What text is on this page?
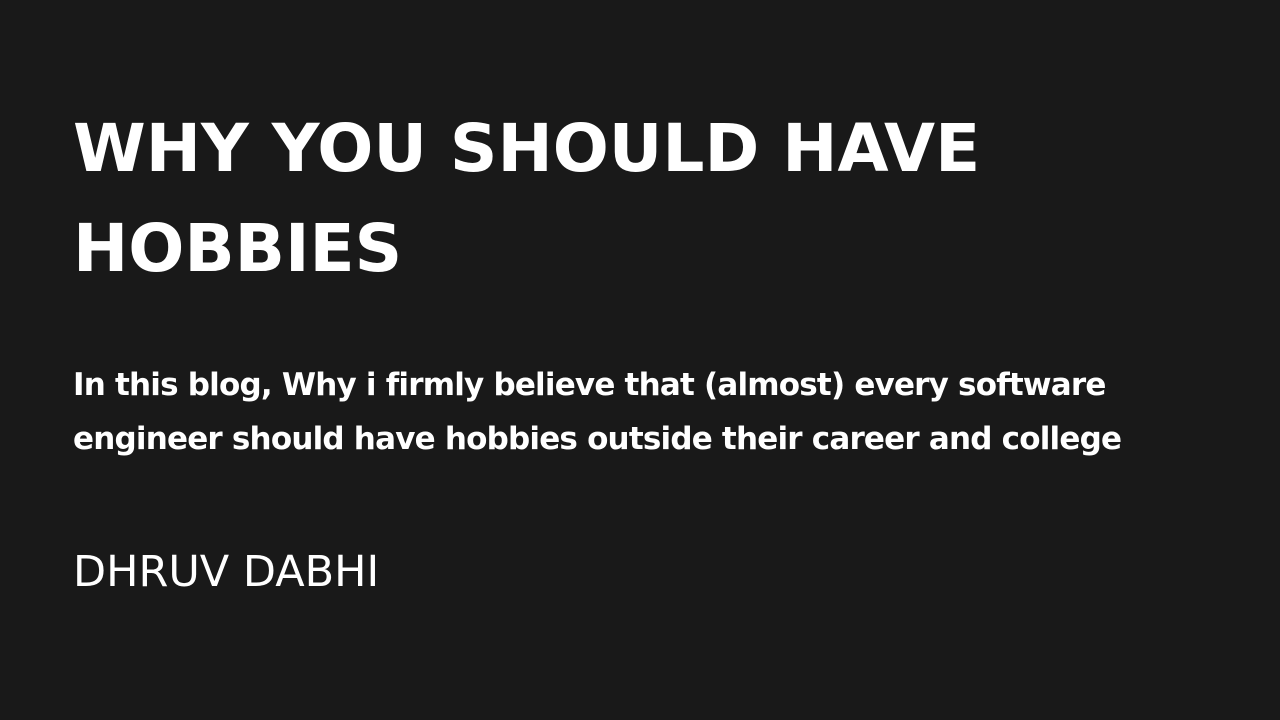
WHY YOU SHOULD HAVE
HOBBIES

In this blog, Why i firmly believe that (almost) every software
engineer should have hobbies outside their career and college

DHRUV DABHI
